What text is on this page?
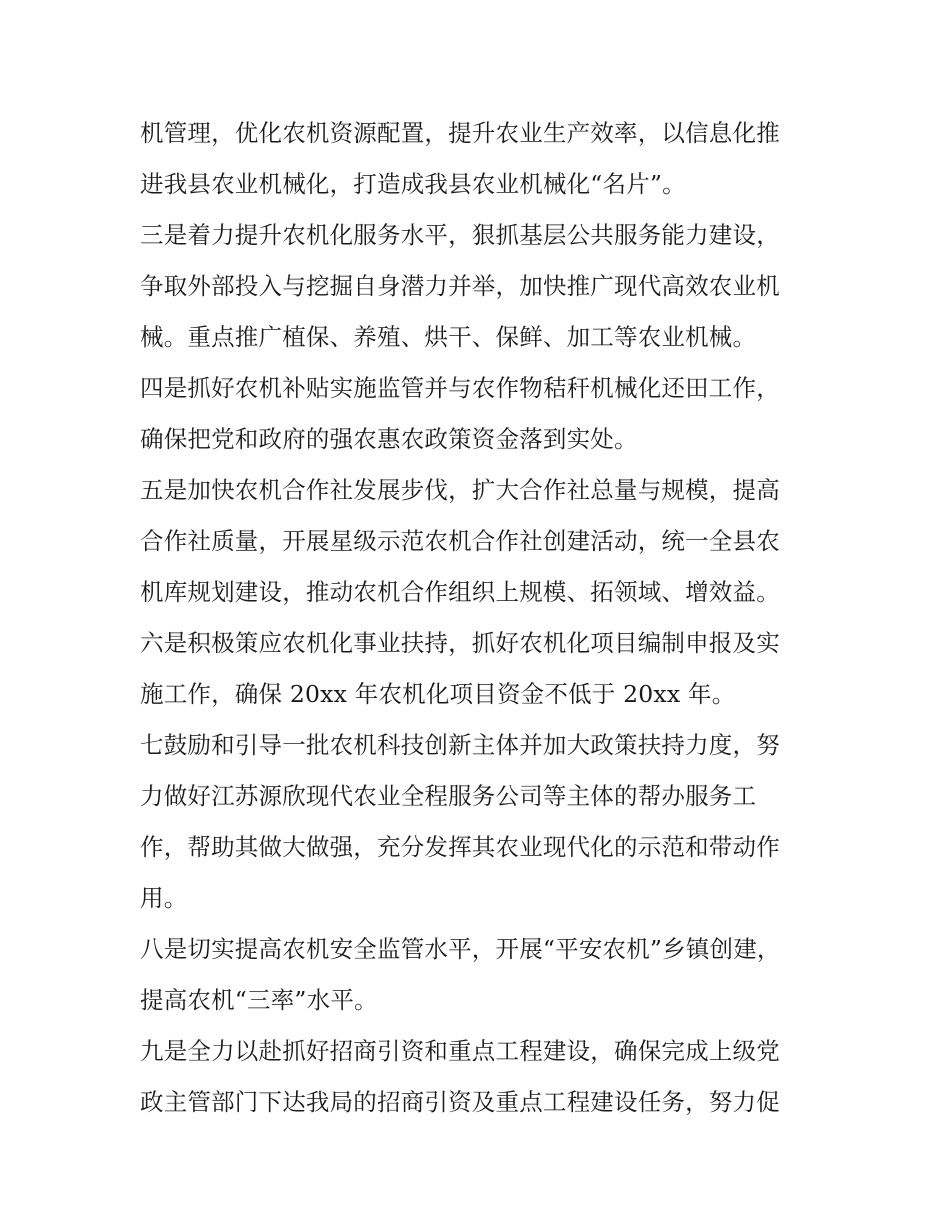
机管理，优化农机资源配置，提升农业生产效率，以信息化推
进我县农业机械化，打造成我县农业机械化“名片”。
三是着力提升农机化服务水平，狠抓基层公共服务能力建设，
争取外部投入与挖掘自身潜力并举，加快推广现代高效农业机
械。重点推广植保、养殖、烘干、保鲜、加工等农业机械。
四是抓好农机补贴实施监管并与农作物秸秆机械化还田工作，
确保把党和政府的强农惠农政策资金落到实处。
五是加快农机合作社发展步伐，扩大合作社总量与规模，提高
合作社质量，开展星级示范农机合作社创建活动，统一全县农
机库规划建设，推动农机合作组织上规模、拓领域、增效益。
六是积极策应农机化事业扶持，抓好农机化项目编制申报及实
施工作，确保 20xx 年农机化项目资金不低于 20xx 年。
七鼓励和引导一批农机科技创新主体并加大政策扶持力度，努
力做好江苏源欣现代农业全程服务公司等主体的帮办服务工
作，帮助其做大做强，充分发挥其农业现代化的示范和带动作
用。
八是切实提高农机安全监管水平，开展“平安农机”乡镇创建，
提高农机“三率”水平。
九是全力以赴抓好招商引资和重点工程建设，确保完成上级党
政主管部门下达我局的招商引资及重点工程建设任务，努力促
